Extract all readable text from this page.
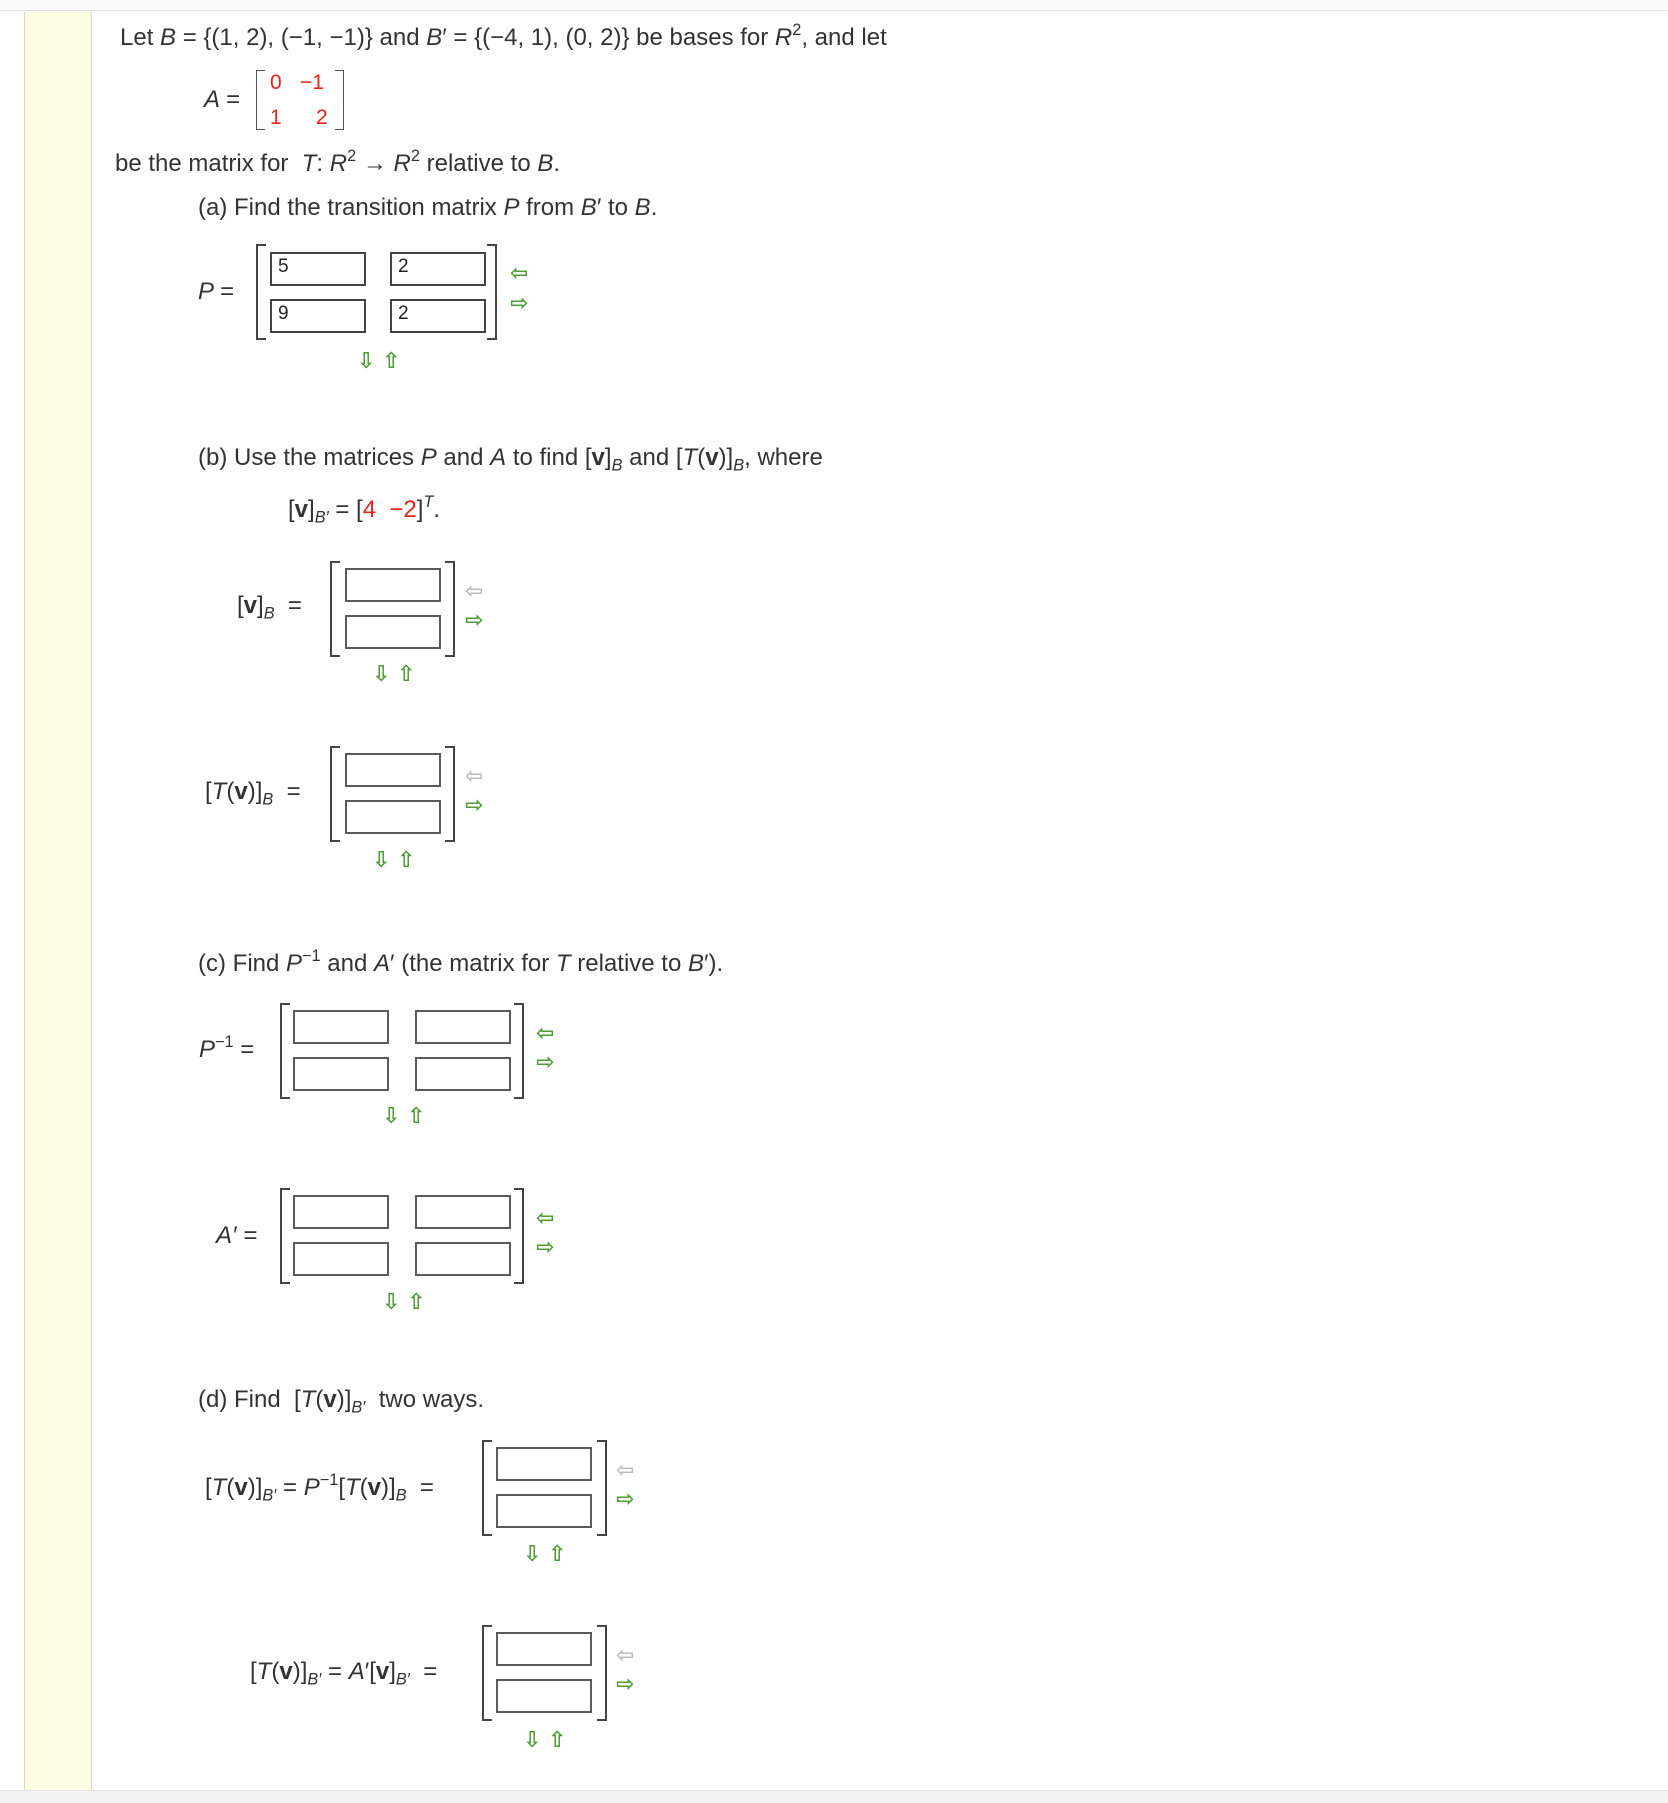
Let B = {(1, 2), (−1, −1)} and B′ = {(−4, 1), (0, 2)} be bases for $R^2$, and let
A =
0 −1
1 2
be the matrix for  T: $R^2 \to R^2$ relative to B.
(a) Find the transition matrix P from B′ to B.
P =
5	2
9	2
⇦
⇨
⇩ ⇧
(b) Use the matrices P and A to find $[v]_B$ and $[T(v)]_B$, where
$[v]_{B'} = [4 -2]^T$.
$[v]_B$  =
⇦
⇨
⇩ ⇧
$[T(v)]_B$  =
⇦
⇨
⇩ ⇧
(c) Find $P^{-1}$ and A′ (the matrix for T relative to B′).
$P^{-1}$ =
⇦
⇨
⇩ ⇧
A′ =
⇦
⇨
⇩ ⇧
(d) Find  $[T(v)]_{B'}$  two ways.
$[T(v)]_{B'} = P^{-1}[T(v)]_B$  =
⇦
⇨
⇩ ⇧
$[T(v)]_{B'} = A'[v]_{B'}$  =
⇦
⇨
⇩ ⇧
